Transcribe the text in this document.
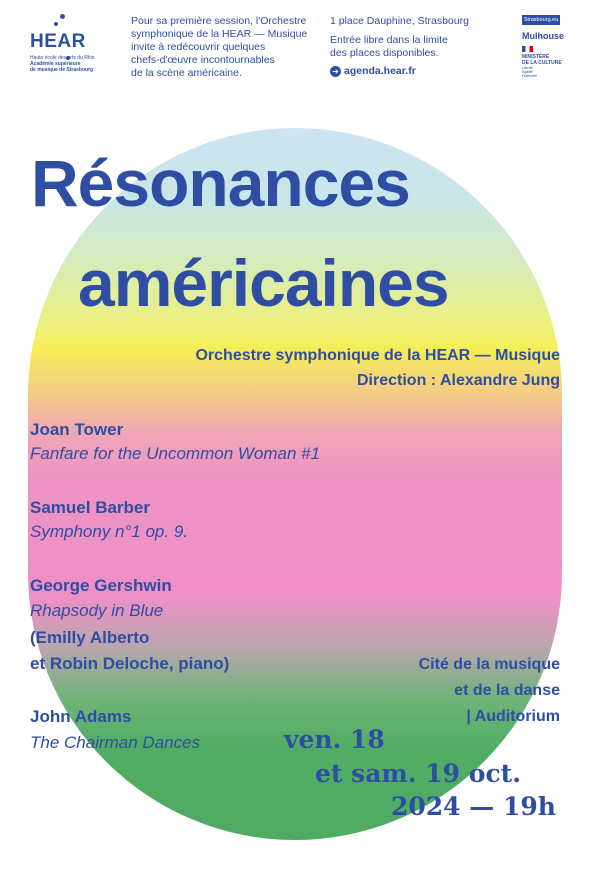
HEAR
Haute école des arts du Rhin
Académie supérieure
de musique de Strasbourg
Pour sa première session, l'Orchestre
symphonique de la HEAR — Musique
invite à redécouvrir quelques
chefs-d'œuvre incontournables
de la scène américaine.
1 place Dauphine, Strasbourg
Entrée libre dans la limite
des places disponibles.
➔ agenda.hear.fr
Strasbourg.eu
Mulhouse
MINISTÈRE
DE LA CULTURE
Liberté Égalité Fraternité
Résonances
américaines
Orchestre symphonique de la HEAR — Musique
Direction : Alexandre Jung
Joan Tower
Fanfare for the Uncommon Woman #1
Samuel Barber
Symphony n°1 op. 9.
George Gershwin
Rhapsody in Blue
(Emilly Alberto
et Robin Deloche, piano)
John Adams
The Chairman Dances
Cité de la musique
et de la danse
| Auditorium
ven. 18
et sam. 19 oct.
2024 — 19h
